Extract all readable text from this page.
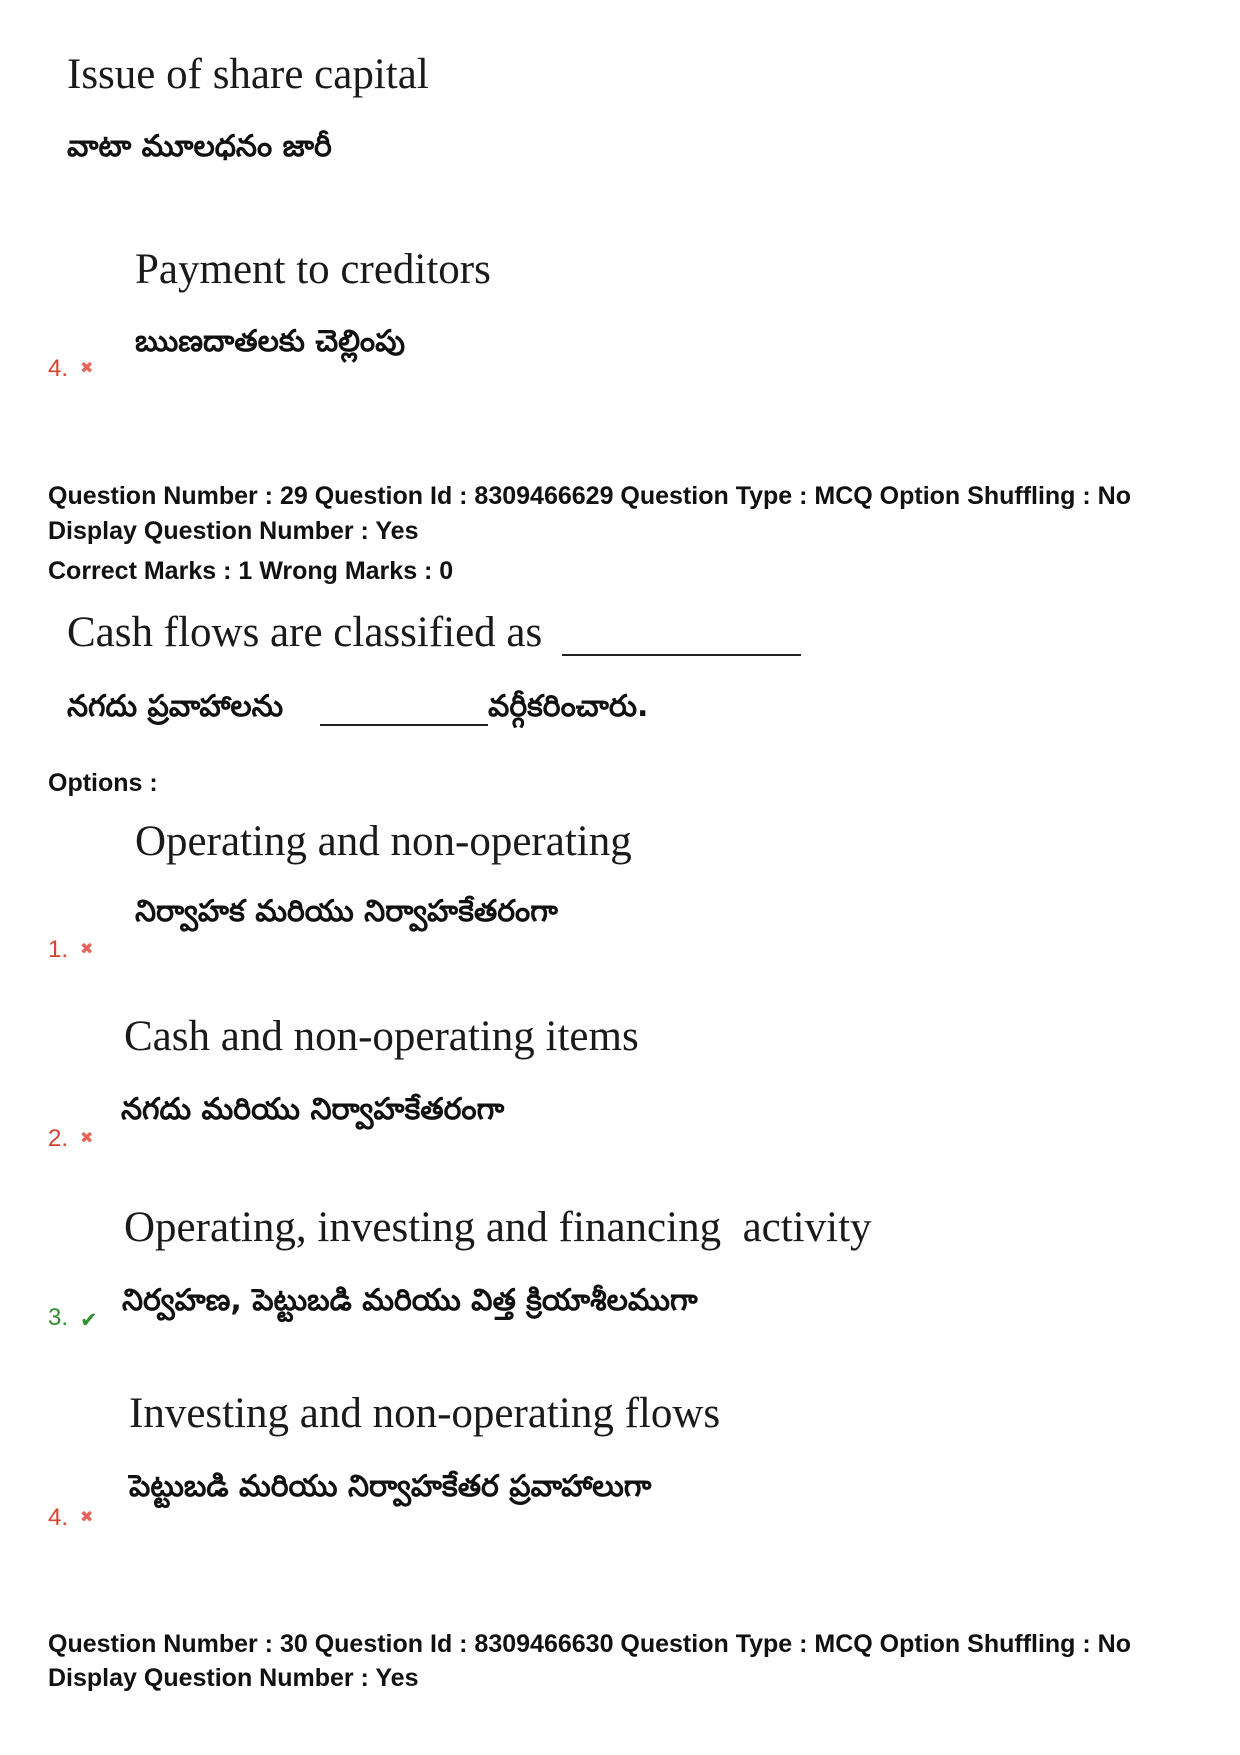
Issue of share capital
వాటా మూలధనం జారీ
Payment to creditors
ఋణదాతలకు చెల్లింపు
4.
✖
Question Number : 29 Question Id : 8309466629 Question Type : MCQ Option Shuffling : No
Display Question Number : Yes
Correct Marks : 1 Wrong Marks : 0
Cash flows are classified as
నగదు ప్రవాహాలను	వర్గీకరించారు.
Options :
Operating and non-operating
నిర్వాహక మరియు నిర్వాహకేతరంగా
1.
✖
Cash and non-operating items
నగదు మరియు నిర్వాహకేతరంగా
2.
✖
Operating, investing and financing  activity
నిర్వహణ, పెట్టుబడి మరియు విత్త క్రియాశీలముగా
3.
✔
Investing and non-operating flows
పెట్టుబడి మరియు నిర్వాహకేతర ప్రవాహాలుగా
4.
✖
Question Number : 30 Question Id : 8309466630 Question Type : MCQ Option Shuffling : No
Display Question Number : Yes
